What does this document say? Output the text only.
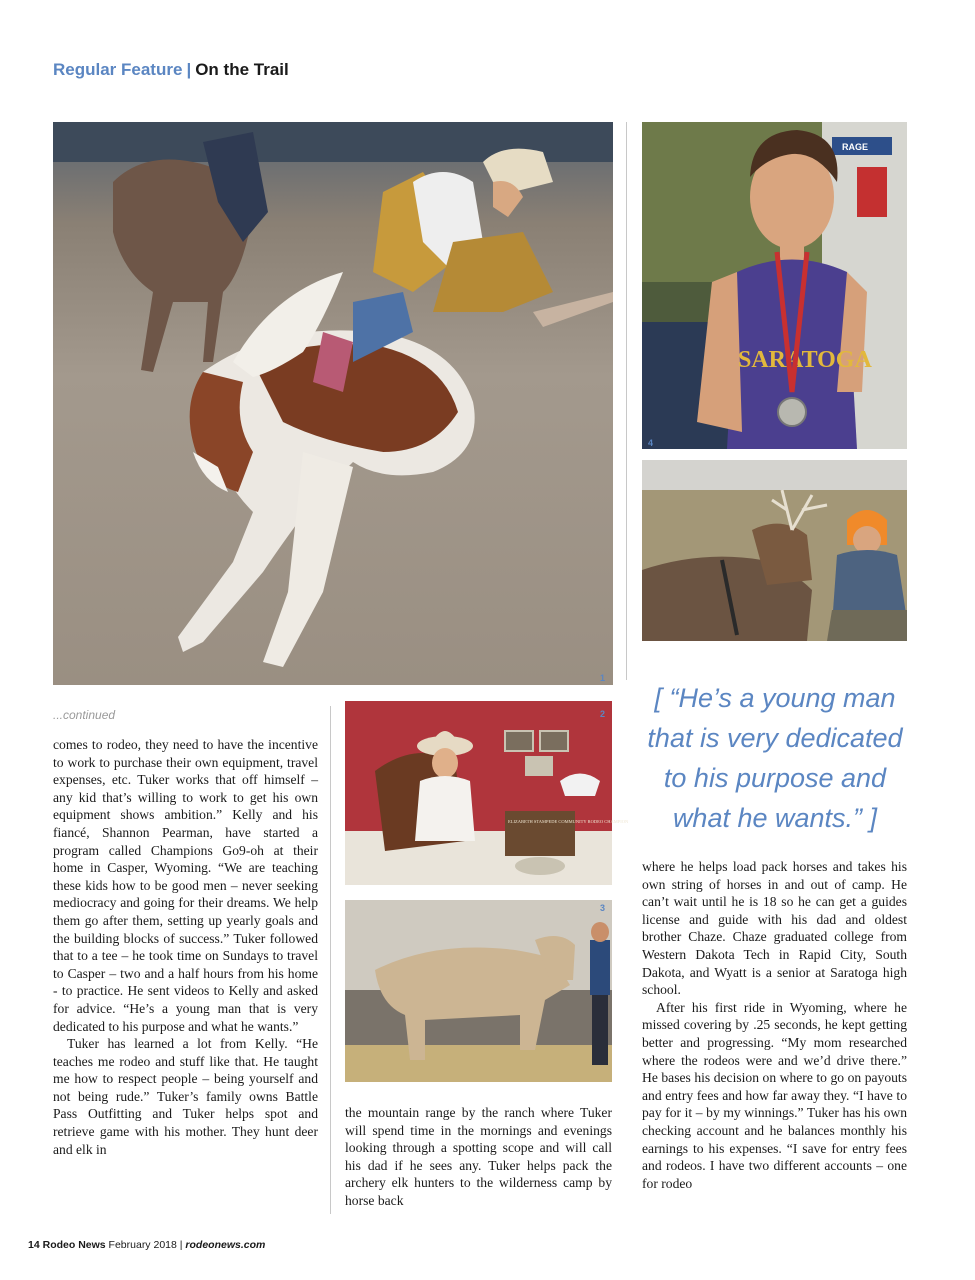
Regular Feature | On the Trail
1
RAGE
SARATOGA
4
ELIZABETH STAMPEDE COMMUNITY RODEO CHAMPION
2
3
...continued

comes to rodeo, they need to have the incentive to work to purchase their own equipment, travel expenses, etc. Tuker works that off himself – any kid that’s willing to work to get his own equipment shows ambition.” Kelly and his fiancé, Shannon Pearman, have started a program called Champions Go9-oh at their home in Casper, Wyoming. “We are teaching these kids how to be good men – never seeking mediocracy and going for their dreams. We help them go after them, setting up yearly goals and the building blocks of success.” Tuker followed that to a tee – he took time on Sundays to travel to Casper – two and a half hours from his home - to practice. He sent videos to Kelly and asked for advice. “He’s a young man that is very dedicated to his purpose and what he wants.”

Tuker has learned a lot from Kelly. “He teaches me rodeo and stuff like that. He taught me how to respect people – being yourself and not being rude.” Tuker’s family owns Battle Pass Outfitting and Tuker helps spot and retrieve game with his mother. They hunt deer and elk in

the mountain range by the ranch where Tuker will spend time in the mornings and evenings looking through a spotting scope and will call his dad if he sees any. Tuker helps pack the archery elk hunters to the wilderness camp by horse back

[ “He’s a young man that is very dedicated to his purpose and what he wants.” ]

where he helps load pack horses and takes his own string of horses in and out of camp. He can’t wait until he is 18 so he can get a guides license and guide with his dad and oldest brother Chaze. Chaze graduated college from Western Dakota Tech in Rapid City, South Dakota, and Wyatt is a senior at Saratoga high school.

After his first ride in Wyoming, where he missed covering by .25 seconds, he kept getting better and progressing. “My mom researched where the rodeos were and we’d drive there.” He bases his decision on where to go on payouts and entry fees and how far away they. “I have to pay for it – by my winnings.” Tuker has his own checking account and he balances monthly his earnings to his expenses. “I save for entry fees and rodeos. I have two different accounts – one for rodeo

14 Rodeo News February 2018 | rodeonews.com
